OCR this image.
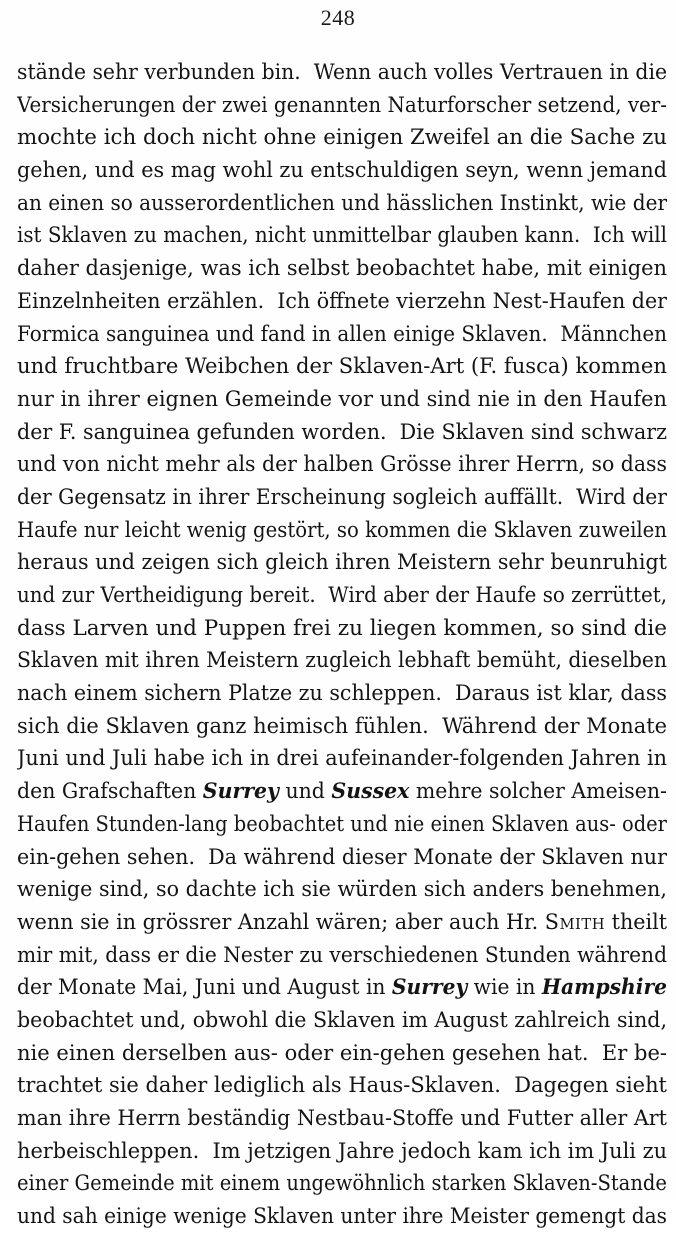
248
stände sehr verbunden bin.  Wenn auch volles Vertrauen in die
Versicherungen der zwei genannten Naturforscher setzend, ver-
mochte ich doch nicht ohne einigen Zweifel an die Sache zu
gehen, und es mag wohl zu entschuldigen seyn, wenn jemand
an einen so ausserordentlichen und hässlichen Instinkt, wie der
ist Sklaven zu machen, nicht unmittelbar glauben kann.  Ich will
daher dasjenige, was ich selbst beobachtet habe, mit einigen
Einzelnheiten erzählen.  Ich öffnete vierzehn Nest-Haufen der
Formica sanguinea und fand in allen einige Sklaven.  Männchen
und fruchtbare Weibchen der Sklaven-Art (F. fusca) kommen
nur in ihrer eignen Gemeinde vor und sind nie in den Haufen
der F. sanguinea gefunden worden.  Die Sklaven sind schwarz
und von nicht mehr als der halben Grösse ihrer Herrn, so dass
der Gegensatz in ihrer Erscheinung sogleich auffällt.  Wird der
Haufe nur leicht wenig gestört, so kommen die Sklaven zuweilen
heraus und zeigen sich gleich ihren Meistern sehr beunruhigt
und zur Vertheidigung bereit.  Wird aber der Haufe so zerrüttet,
dass Larven und Puppen frei zu liegen kommen, so sind die
Sklaven mit ihren Meistern zugleich lebhaft bemüht, dieselben
nach einem sichern Platze zu schleppen.  Daraus ist klar, dass
sich die Sklaven ganz heimisch fühlen.  Während der Monate
Juni und Juli habe ich in drei aufeinander-folgenden Jahren in
den Grafschaften Surrey und Sussex mehre solcher Ameisen-
Haufen Stunden-lang beobachtet und nie einen Sklaven aus- oder
ein-gehen sehen.  Da während dieser Monate der Sklaven nur
wenige sind, so dachte ich sie würden sich anders benehmen,
wenn sie in grössrer Anzahl wären; aber auch Hr. Smith theilt
mir mit, dass er die Nester zu verschiedenen Stunden während
der Monate Mai, Juni und August in Surrey wie in Hampshire
beobachtet und, obwohl die Sklaven im August zahlreich sind,
nie einen derselben aus- oder ein-gehen gesehen hat.  Er be-
trachtet sie daher lediglich als Haus-Sklaven.  Dagegen sieht
man ihre Herrn beständig Nestbau-Stoffe und Futter aller Art
herbeischleppen.  Im jetzigen Jahre jedoch kam ich im Juli zu
einer Gemeinde mit einem ungewöhnlich starken Sklaven-Stande
und sah einige wenige Sklaven unter ihre Meister gemengt das
